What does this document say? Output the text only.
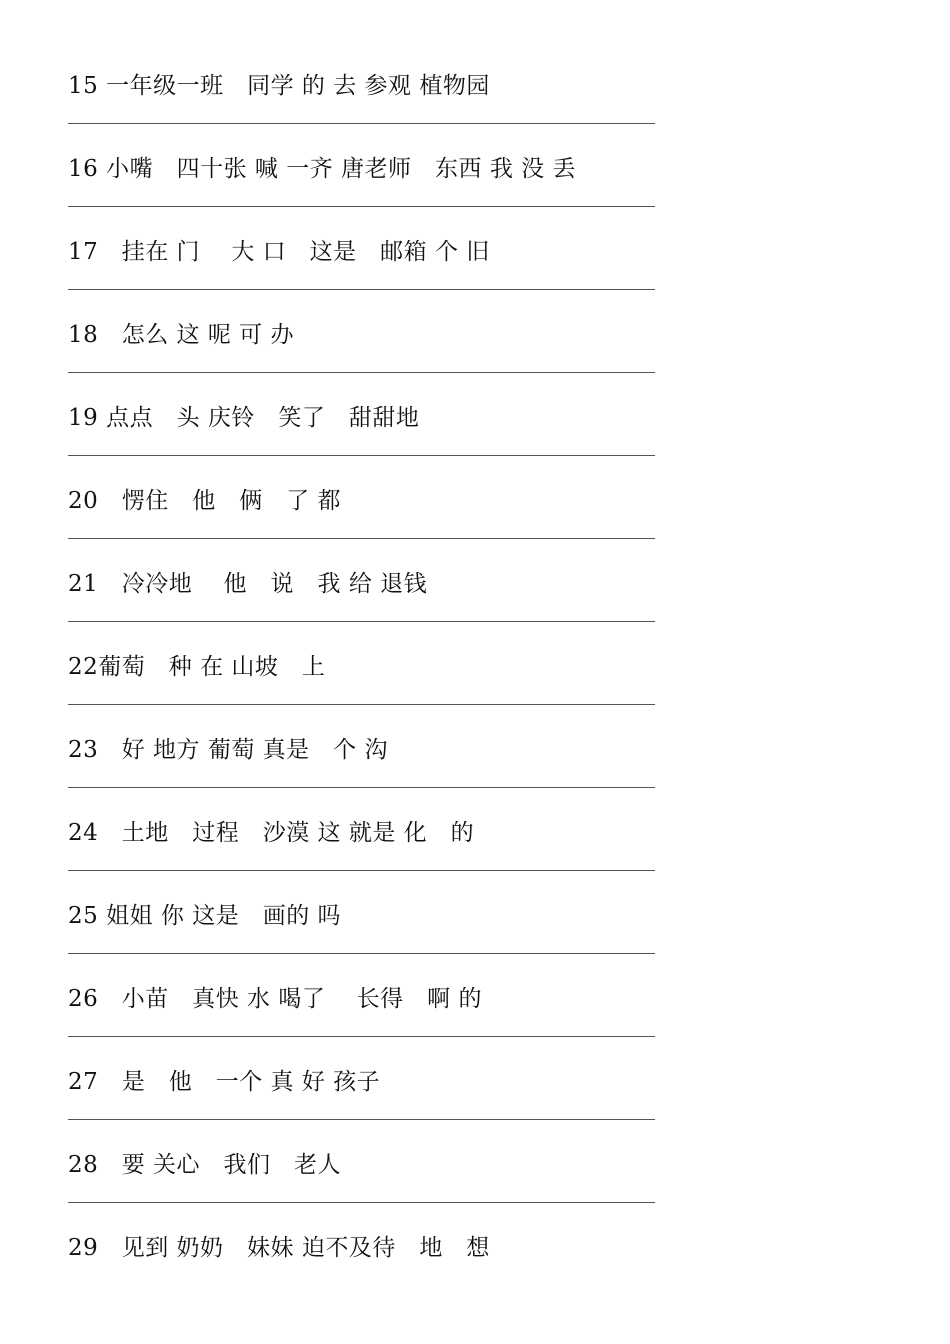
15 一年级一班　同学 的 去 参观 植物园
16 小嘴　四十张 喊 一齐 唐老师　东西 我 没 丢
17   挂在 门　 大 口　这是　邮箱 个 旧
18   怎么 这 呢 可 办
19 点点　头 庆铃　笑了　甜甜地
20   愣住　他　俩　了 都
21   冷冷地　 他　说　我 给 退钱
22葡萄　种 在 山坡　上
23   好 地方 葡萄 真是　个 沟
24   土地　过程　沙漠 这 就是 化　的
25 姐姐 你 这是　画的 吗
26   小苗　真快 水 喝了　 长得　啊 的
27   是　他　一个 真 好 孩子
28   要 关心　我们　老人
29   见到 奶奶　妹妹 迫不及待　地　想
